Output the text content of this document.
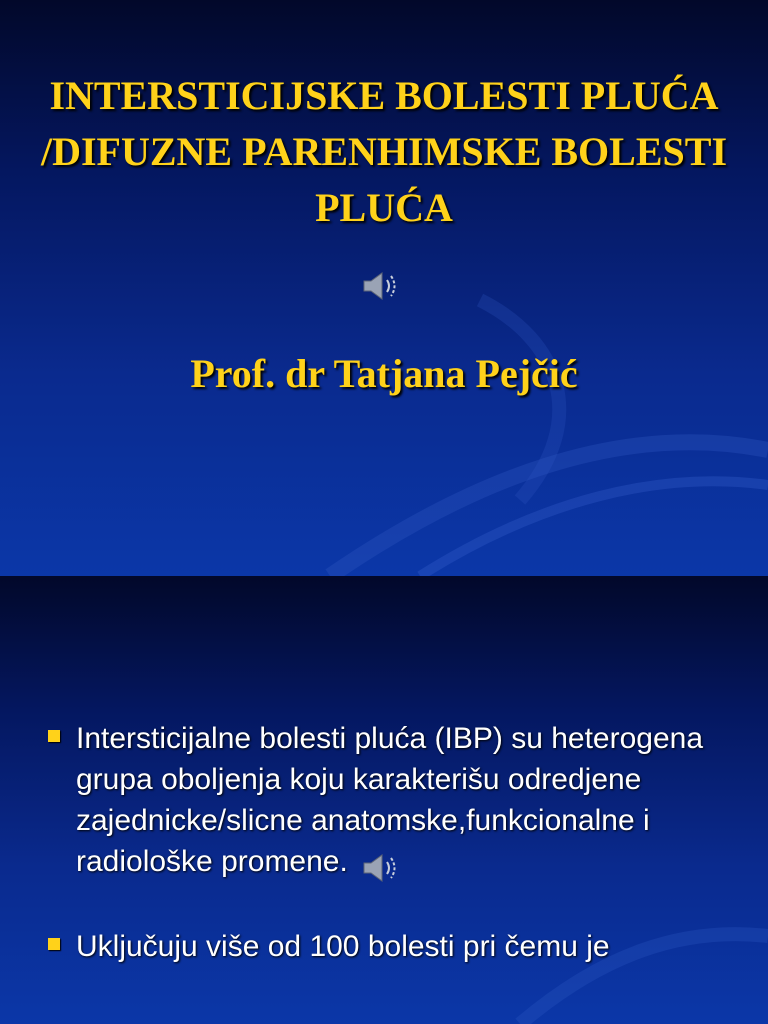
INTERSTICIJSKE BOLESTI PLUĆA /DIFUZNE PARENHIMSKE BOLESTI PLUĆA
Prof. dr Tatjana Pejčić
Intersticijalne bolesti pluća (IBP) su heterogena grupa oboljenja koju karakterišu odredjene zajednicke/slicne anatomske,funkcionalne i radiološke promene.
Uključuju više od 100 bolesti pri čemu je
